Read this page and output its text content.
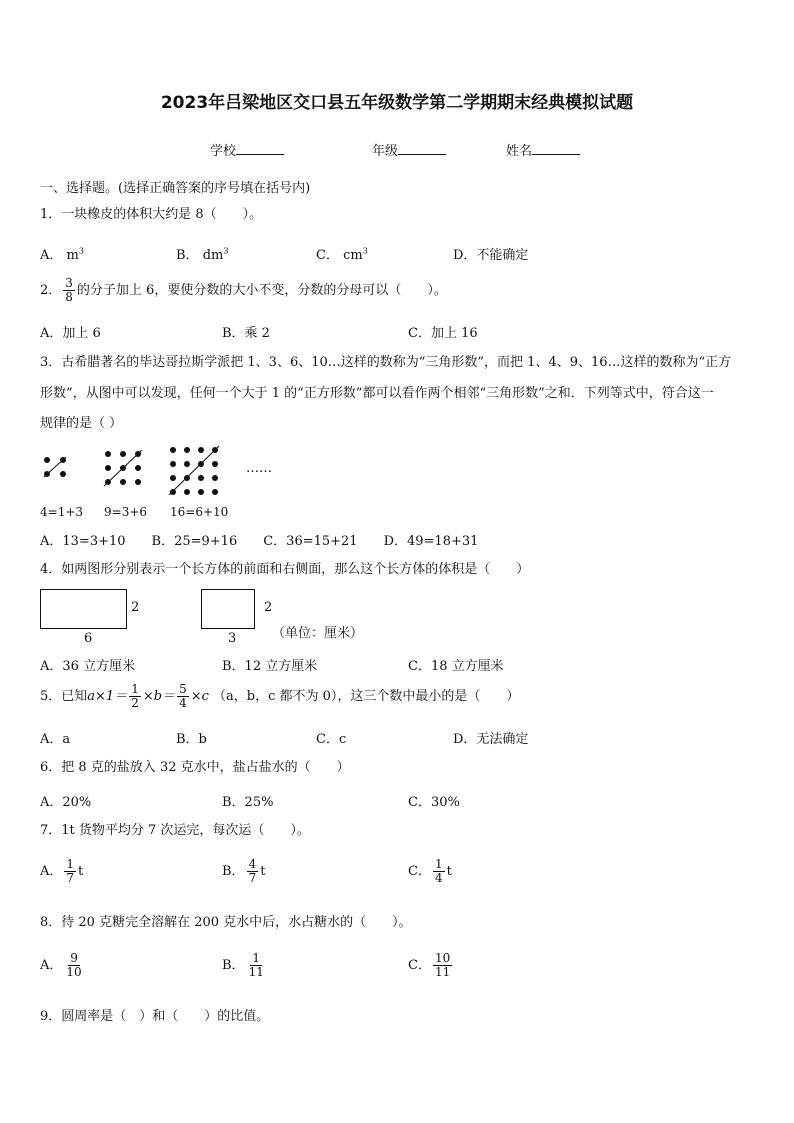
2023年吕梁地区交口县五年级数学第二学期期末经典模拟试题
学校	年级	姓名
一、选择题。(选择正确答案的序号填在括号内)
1．一块橡皮的体积大约是 8（　　）。
A． $m^3$	B． $dm^3$	C． $cm^3$	D．不能确定
2． $\frac{3}{8}$ 的分子加上 6，要使分数的大小不变，分数的分母可以（　　）。
A．加上 6	B．乘 2	C．加上 16
3．古希腊著名的毕达哥拉斯学派把 1、3、6、10…这样的数称为“三角形数”，而把 1、4、9、16…这样的数称为“正方
形数”，从图中可以发现，任何一个大于 1 的“正方形数”都可以看作两个相邻“三角形数”之和．下列等式中，符合这一
规律的是（ ）
……
4=1+3 9=3+6 16=6+10
A．13=3+10　　B．25=9+16　　C．36=15+21　　D．49=18+31
4．如两图形分别表示一个长方体的前面和右侧面，那么这个长方体的体积是（　　）
2
6
2
3	（单位：厘米）
A．36 立方厘米	B．12 立方厘米	C．18 立方厘米
5．已知$a\times 1= \frac{1}{2} \times b= \frac{5}{4} \times c$ （a，b，c 都不为 0），这三个数中最小的是（　　）
A．a	B．b	C．c	D．无法确定
6．把 8 克的盐放入 32 克水中，盐占盐水的（　　）
A．20%	B．25%	C．30%
7．1t 货物平均分 7 次运完，每次运（　　）。
A． $\frac{1}{7}$ t	B． $\frac{4}{7}$ t	C． $\frac{1}{4}$ t
8．待 20 克糖完全溶解在 200 克水中后，水占糖水的（　　）。
A． $\frac{9}{10}$	B． $\frac{1}{11}$	C． $\frac{10}{11}$
9．圆周率是（　）和（　　）的比值。
